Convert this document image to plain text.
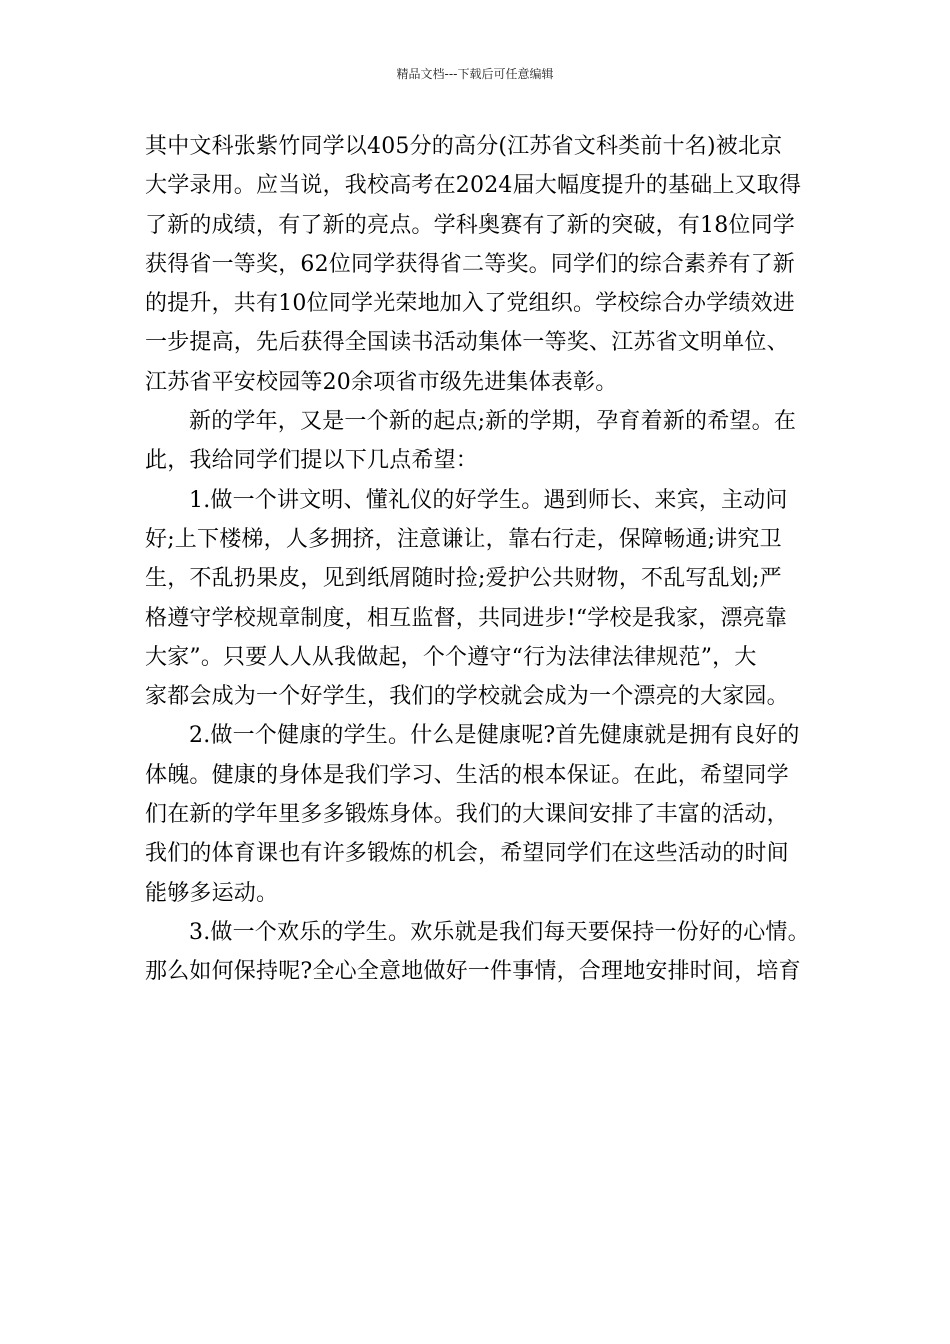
精品文档---下载后可任意编辑

其中文科张紫竹同学以405分的高分(江苏省文科类前十名)被北京
大学录用。应当说，我校高考在2024届大幅度提升的基础上又取得
了新的成绩，有了新的亮点。学科奥赛有了新的突破，有18位同学
获得省一等奖，62位同学获得省二等奖。同学们的综合素养有了新
的提升，共有10位同学光荣地加入了党组织。学校综合办学绩效进
一步提高，先后获得全国读书活动集体一等奖、江苏省文明单位、
江苏省平安校园等20余项省市级先进集体表彰。

新的学年，又是一个新的起点;新的学期，孕育着新的希望。在
此，我给同学们提以下几点希望：

1.做一个讲文明、懂礼仪的好学生。遇到师长、来宾，主动问
好;上下楼梯，人多拥挤，注意谦让，靠右行走，保障畅通;讲究卫
生，不乱扔果皮，见到纸屑随时捡;爱护公共财物，不乱写乱划;严
格遵守学校规章制度，相互监督，共同进步!“学校是我家，漂亮靠
大家”。只要人人从我做起，个个遵守“行为法律法律规范”，大
家都会成为一个好学生，我们的学校就会成为一个漂亮的大家园。

2.做一个健康的学生。什么是健康呢?首先健康就是拥有良好的
体魄。健康的身体是我们学习、生活的根本保证。在此，希望同学
们在新的学年里多多锻炼身体。我们的大课间安排了丰富的活动，
我们的体育课也有许多锻炼的机会，希望同学们在这些活动的时间
能够多运动。

3.做一个欢乐的学生。欢乐就是我们每天要保持一份好的心情。
那么如何保持呢?全心全意地做好一件事情，合理地安排时间，培育
